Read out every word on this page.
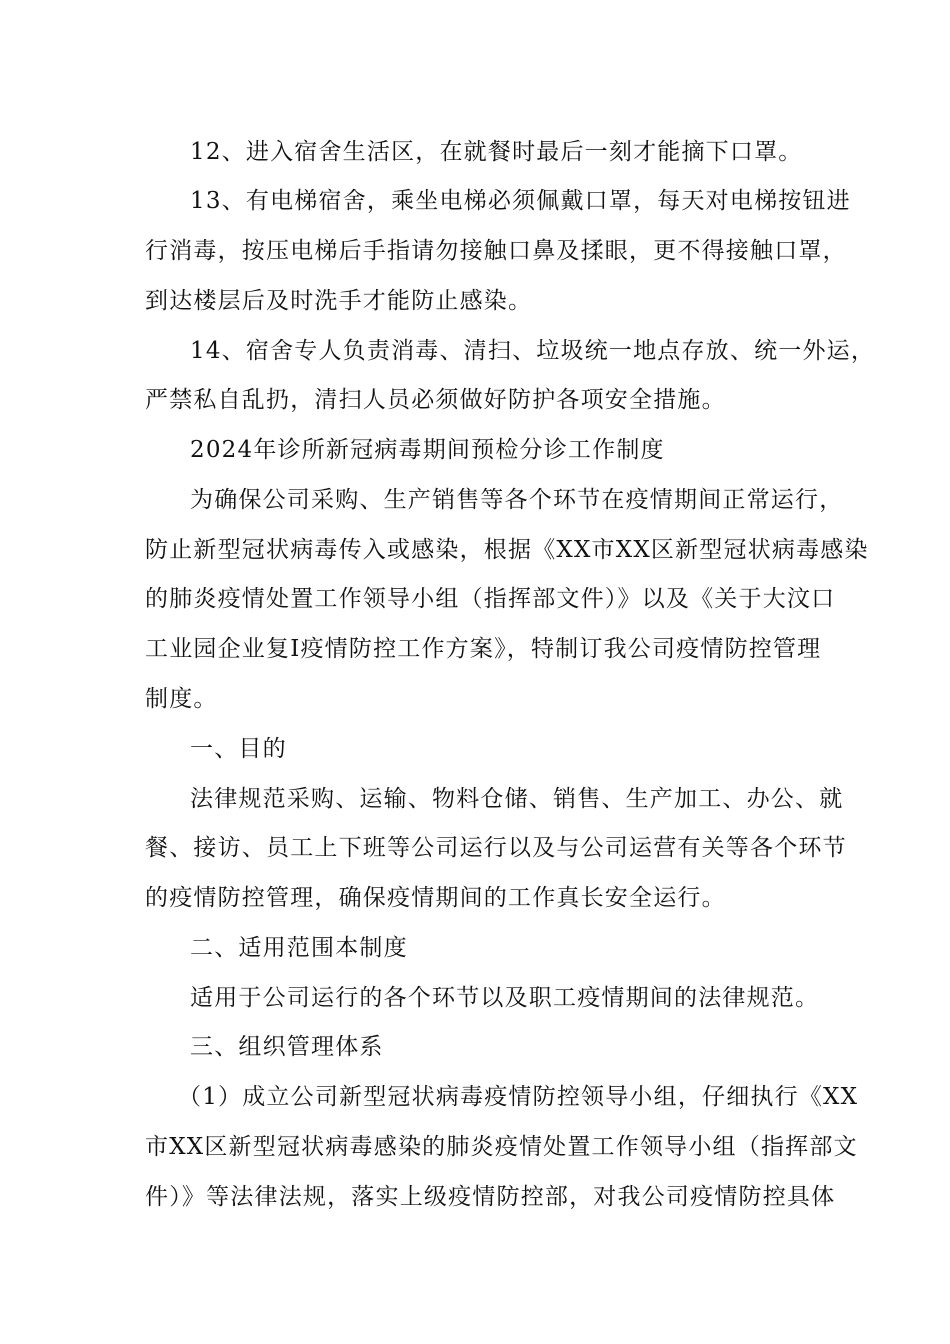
12、进入宿舍生活区，在就餐时最后一刻才能摘下口罩。
13、有电梯宿舍，乘坐电梯必须佩戴口罩，每天对电梯按钮进
行消毒，按压电梯后手指请勿接触口鼻及揉眼，更不得接触口罩，
到达楼层后及时洗手才能防止感染。
14、宿舍专人负责消毒、清扫、垃圾统一地点存放、统一外运，
严禁私自乱扔，清扫人员必须做好防护各项安全措施。
2024年诊所新冠病毒期间预检分诊工作制度
为确保公司采购、生产销售等各个环节在疫情期间正常运行，
防止新型冠状病毒传入或感染，根据《XX市XX区新型冠状病毒感染
的肺炎疫情处置工作领导小组（指挥部文件）》以及《关于大汶口
工业园企业复I疫情防控工作方案》，特制订我公司疫情防控管理
制度。
一、目的
法律规范采购、运输、物料仓储、销售、生产加工、办公、就
餐、接访、员工上下班等公司运行以及与公司运营有关等各个环节
的疫情防控管理，确保疫情期间的工作真长安全运行。
二、适用范围本制度
适用于公司运行的各个环节以及职工疫情期间的法律规范。
三、组织管理体系
（1）成立公司新型冠状病毒疫情防控领导小组，仔细执行《XX
市XX区新型冠状病毒感染的肺炎疫情处置工作领导小组（指挥部文
件）》等法律法规，落实上级疫情防控部，对我公司疫情防控具体
